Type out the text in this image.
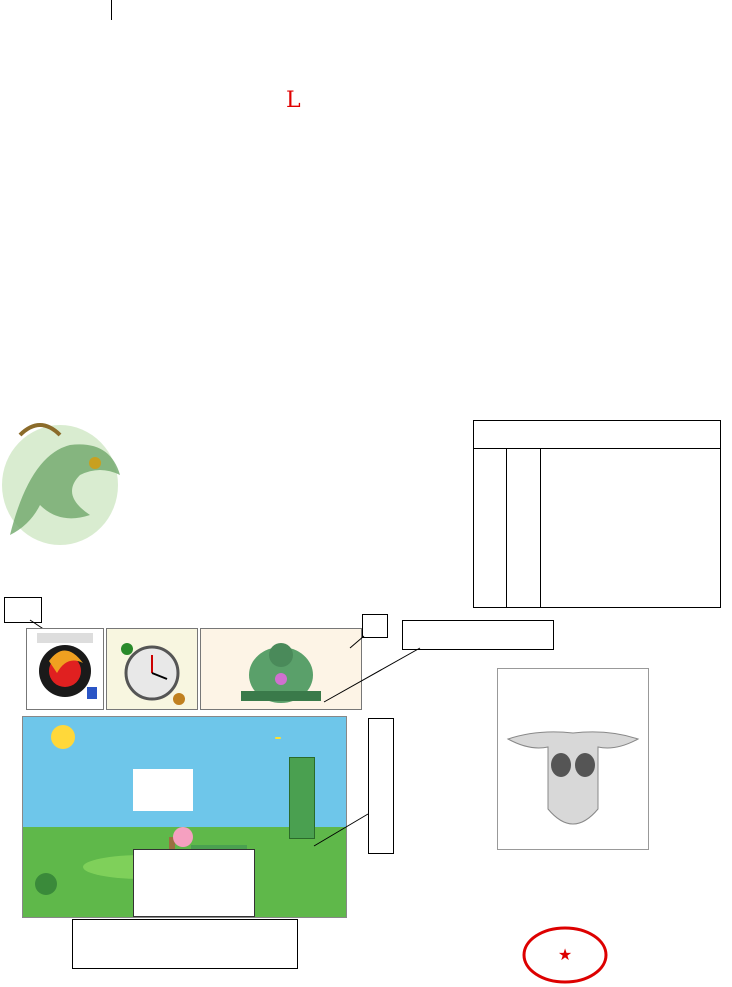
L

★
